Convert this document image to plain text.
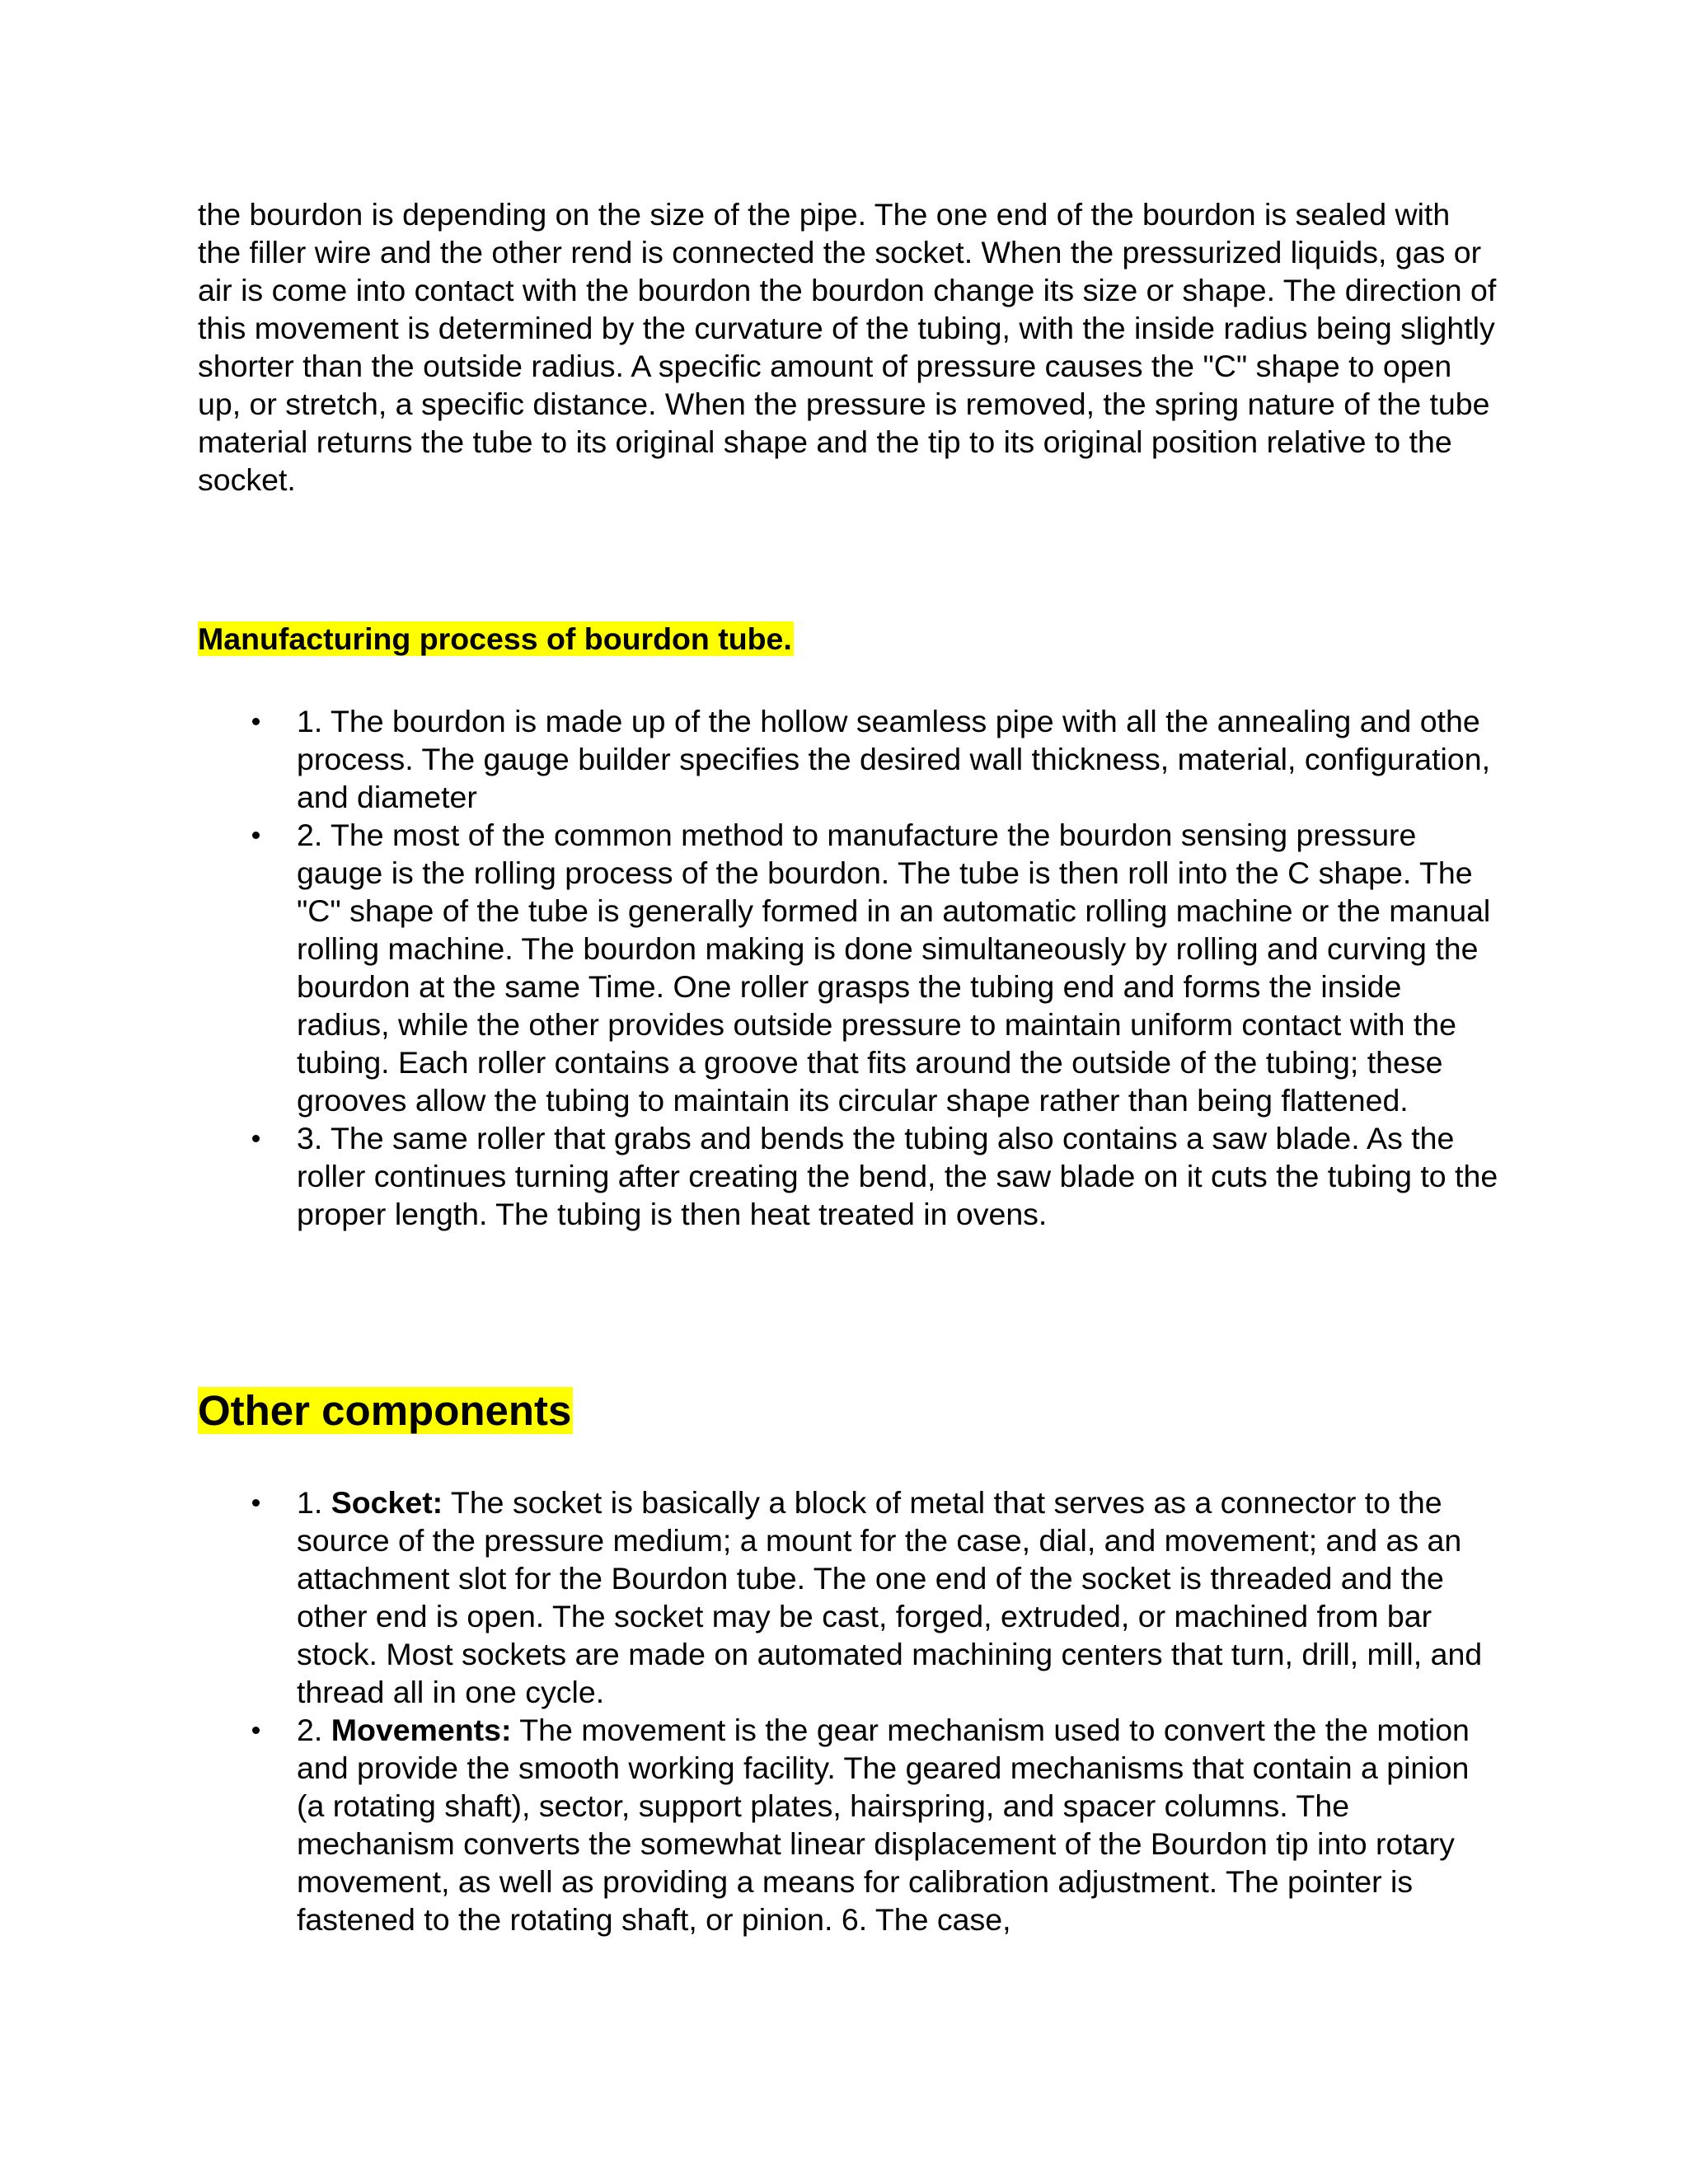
the bourdon is depending on the size of the pipe. The one end of the bourdon is sealed with the filler wire and the other rend is connected the socket. When the pressurized liquids, gas or air is come into contact with the bourdon the bourdon change its size or shape. The direction of this movement is determined by the curvature of the tubing, with the inside radius being slightly shorter than the outside radius. A specific amount of pressure causes the "C" shape to open up, or stretch, a specific distance. When the pressure is removed, the spring nature of the tube material returns the tube to its original shape and the tip to its original position relative to the socket.

Manufacturing process of bourdon tube.
1. The bourdon is made up of the hollow seamless pipe with all the annealing and othe process. The gauge builder specifies the desired wall thickness, material, configuration, and diameter
2. The most of the common method to manufacture the bourdon sensing pressure gauge is the rolling process of the bourdon. The tube is then roll into the C shape. The "C" shape of the tube is generally formed in an automatic rolling machine or the manual rolling machine. The bourdon making is done simultaneously by rolling and curving the bourdon at the same Time. One roller grasps the tubing end and forms the inside radius, while the other provides outside pressure to maintain uniform contact with the tubing. Each roller contains a groove that fits around the outside of the tubing; these grooves allow the tubing to maintain its circular shape rather than being flattened.
3. The same roller that grabs and bends the tubing also contains a saw blade. As the roller continues turning after creating the bend, the saw blade on it cuts the tubing to the proper length. The tubing is then heat treated in ovens.
Other components
1. Socket: The socket is basically a block of metal that serves as a connector to the source of the pressure medium; a mount for the case, dial, and movement; and as an attachment slot for the Bourdon tube. The one end of the socket is threaded and the other end is open. The socket may be cast, forged, extruded, or machined from bar stock. Most sockets are made on automated machining centers that turn, drill, mill, and thread all in one cycle.
2. Movements: The movement is the gear mechanism used to convert the the motion and provide the smooth working facility. The geared mechanisms that contain a pinion (a rotating shaft), sector, support plates, hairspring, and spacer columns. The mechanism converts the somewhat linear displacement of the Bourdon tip into rotary movement, as well as providing a means for calibration adjustment. The pointer is fastened to the rotating shaft, or pinion. 6. The case,
